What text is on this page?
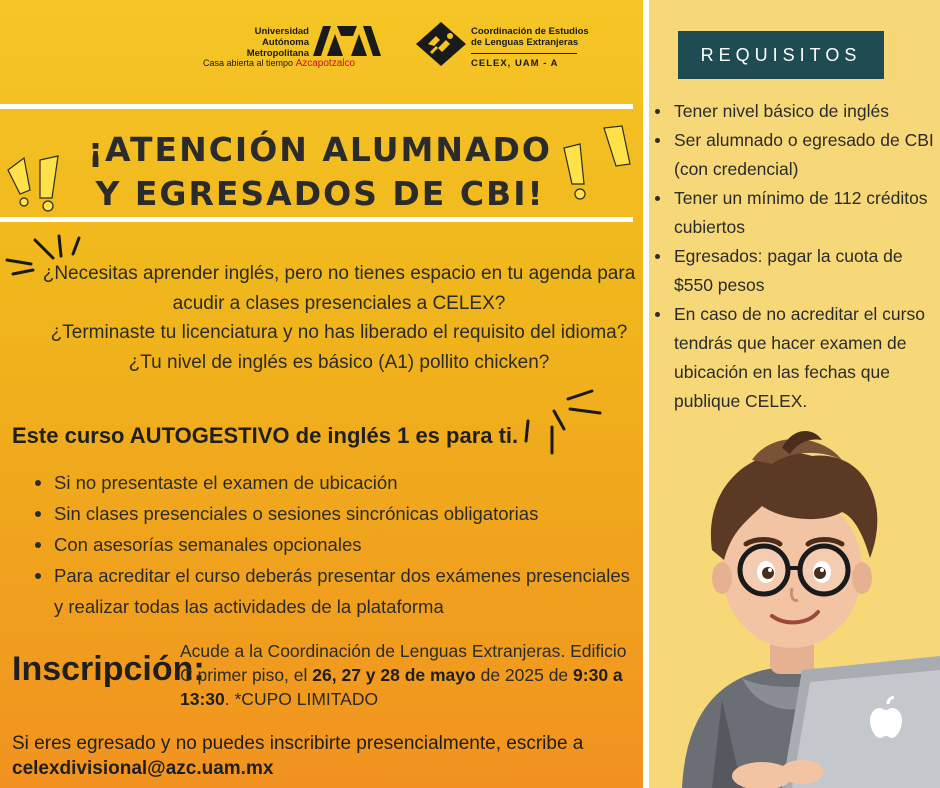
Universidad
Autónoma
Metropolitana
Casa abierta al tiempo Azcapotzalco
Coordinación de Estudios
de Lenguas Extranjeras
CELEX, UAM - A
¡ATENCIÓN ALUMNADO
Y EGRESADOS DE CBI!
¿Necesitas aprender inglés, pero no tienes espacio en tu agenda para
acudir a clases presenciales a CELEX?
¿Terminaste tu licenciatura y no has liberado el requisito del idioma?
¿Tu nivel de inglés es básico (A1) pollito chicken?
Este curso AUTOGESTIVO de inglés 1 es para ti.
Si no presentaste el examen de ubicación
Sin clases presenciales o sesiones sincrónicas obligatorias
Con asesorías semanales opcionales
Para acreditar el curso deberás presentar dos exámenes presenciales y realizar todas las actividades de la plataforma
Inscripción:
Acude a la Coordinación de Lenguas Extranjeras. Edificio C primer piso, el 26, 27 y 28 de mayo de 2025 de 9:30 a 13:30. *CUPO LIMITADO
Si eres egresado y no puedes inscribirte presencialmente, escribe a
celexdivisional@azc.uam.mx
REQUISITOS
Tener nivel básico de inglés
Ser alumnado o egresado de CBI (con credencial)
Tener un mínimo de 112 créditos cubiertos
Egresados: pagar la cuota de $550 pesos
En caso de no acreditar el curso tendrás que hacer examen de ubicación en las fechas que publique CELEX.
